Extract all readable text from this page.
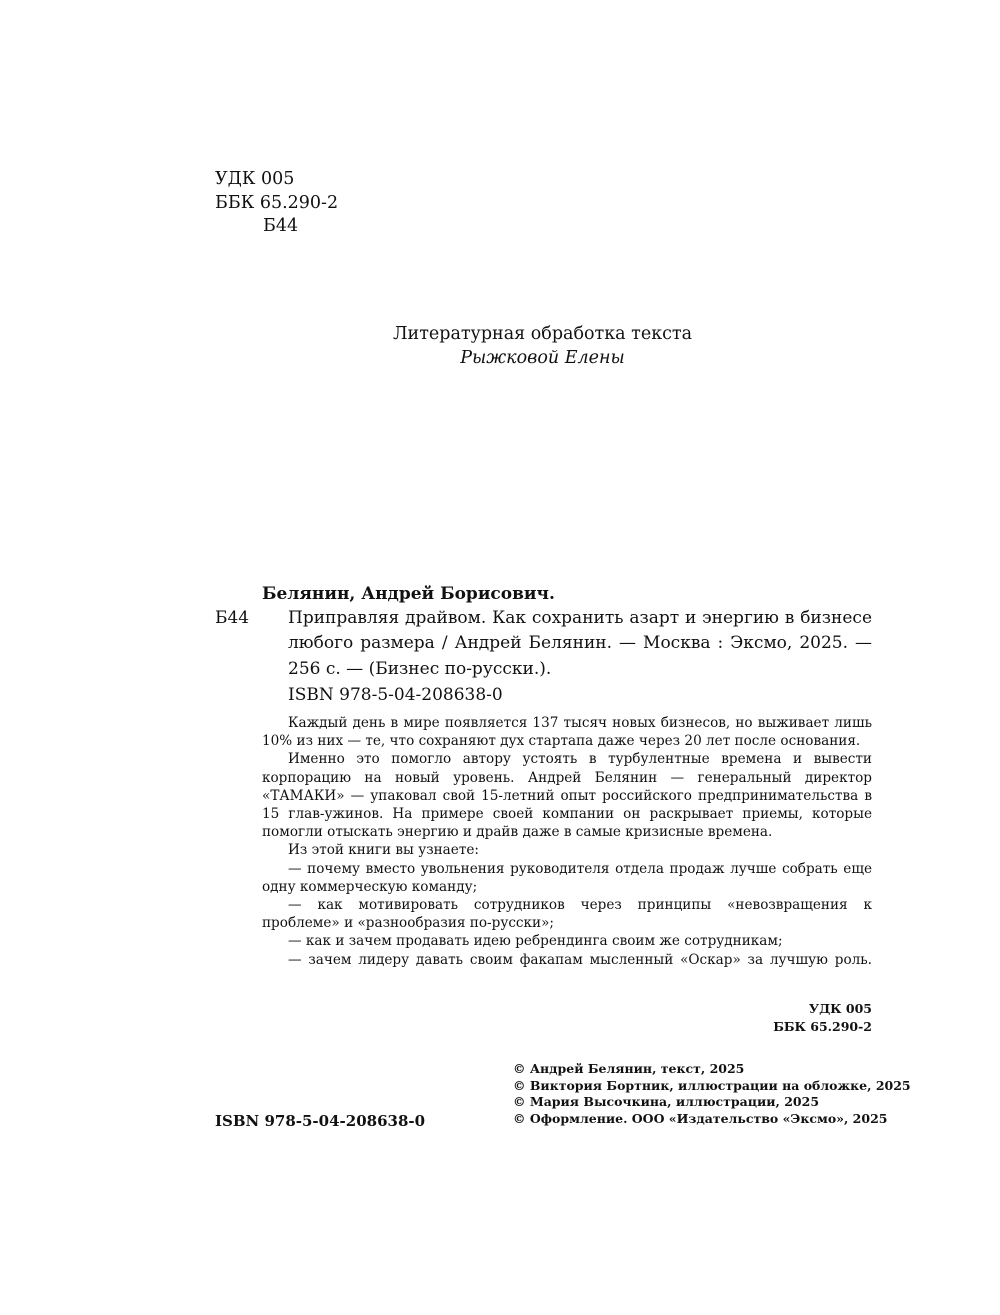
УДК 005
ББК 65.290-2
Б44
Литературная обработка текста
Рыжковой Елены
Белянин, Андрей Борисович.
Б44 Приправляя драйвом. Как сохранить азарт и энергию в бизнесе любого размера / Андрей Белянин. — Москва : Эксмо, 2025. — 256 с. — (Бизнес по-русски.).
ISBN 978-5-04-208638-0

Каждый день в мире появляется 137 тысяч новых бизнесов, но выживает лишь 10% из них — те, что сохраняют дух стартапа даже через 20 лет после основания.

Именно это помогло автору устоять в турбулентные времена и вывести корпорацию на новый уровень. Андрей Белянин — генеральный директор «ТАМАКИ» — упаковал свой 15-летний опыт российского предпринимательства в 15 глав-ужинов. На примере своей компании он раскрывает приемы, которые помогли отыскать энергию и драйв даже в самые кризисные времена.

Из этой книги вы узнаете:

— почему вместо увольнения руководителя отдела продаж лучше собрать еще одну коммерческую команду;

— как мотивировать сотрудников через принципы «невозвращения к проблеме» и «разнообразия по-русски»;

— как и зачем продавать идею ребрендинга своим же сотрудникам;

— зачем лидеру давать своим факапам мысленный «Оскар» за лучшую роль.

УДК 005
ББК 65.290-2
ISBN 978-5-04-208638-0
© Андрей Белянин, текст, 2025
© Виктория Бортник, иллюстрации на обложке, 2025
© Мария Высочкина, иллюстрации, 2025
© Оформление. ООО «Издательство «Эксмо», 2025
